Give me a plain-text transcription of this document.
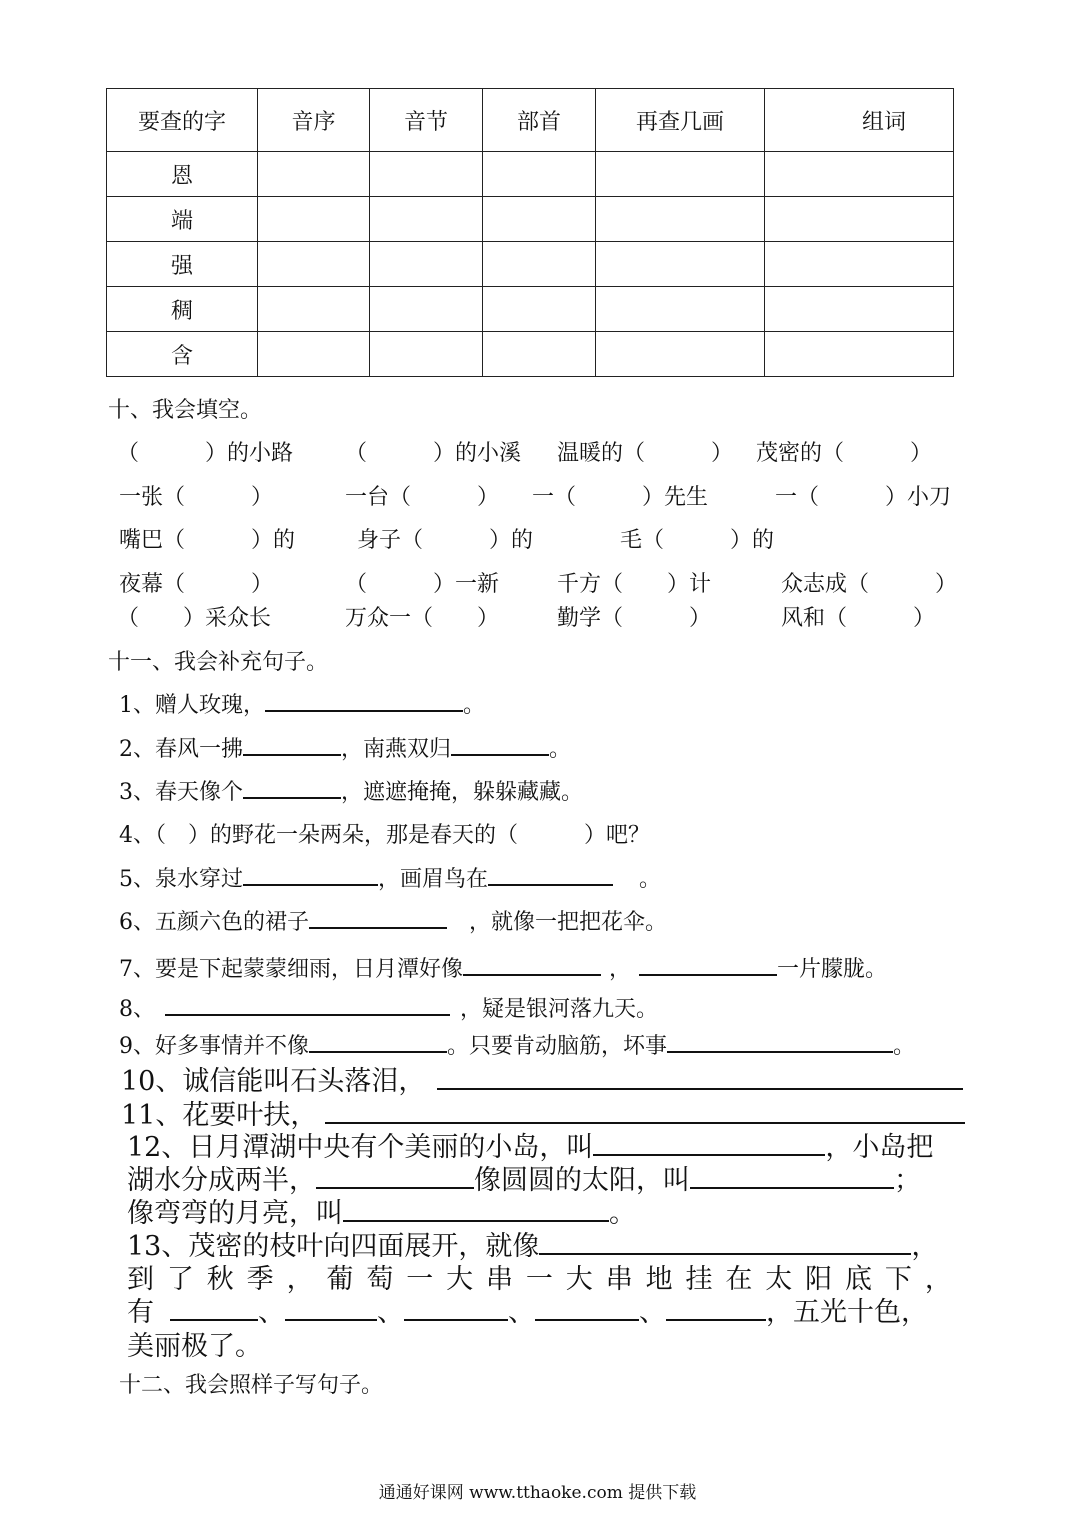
要查的字	音序	音节	部首	再查几画	组词
恩					
端					
强					
稠					
含					
十、我会填空。
（　　　）的小路 （　　　）的小溪 温暖的（　　　） 茂密的（　　　）
一张（　　　）	一台（　　　） 一（　　　）先生	一（　　　）小刀
嘴巴（　　　）的	身子（　　　）的	毛（　　　）的
夜幕（　　　）	（　　　）一新	千方（　　）计	众志成（　　　）
（　　）采众长	万众一（　　）	勤学（　　　）	风和（　　　）
十一、我会补充句子。
1、赠人玫瑰，	。
2、春风一拂	，南燕双归	。
3、春天像个	，遮遮掩掩，躲躲藏藏。
4、（　）的野花一朵两朵，那是春天的（　　　）吧？
5、泉水穿过	，画眉鸟在	。
6、五颜六色的裙子	，就像一把把花伞。
7、要是下起蒙蒙细雨，日月潭好像	，	一片朦胧。
8、	，疑是银河落九天。
9、好多事情并不像	。只要肯动脑筋，坏事	。
10、诚信能叫石头落泪，
11、花要叶扶，
12、日月潭湖中央有个美丽的小岛，叫	，小岛把
湖水分成两半，	像圆圆的太阳，叫	；
像弯弯的月亮，叫	。
13、茂密的枝叶向四面展开，就像	，
到 了 秋 季 ， 葡 萄 一 大 串 一 大 串 地 挂 在 太 阳 底 下 ，
有	、	、	、	、	，五光十色，
美丽极了。
十二、我会照样子写句子。
通通好课网 www.tthaoke.com 提供下载
